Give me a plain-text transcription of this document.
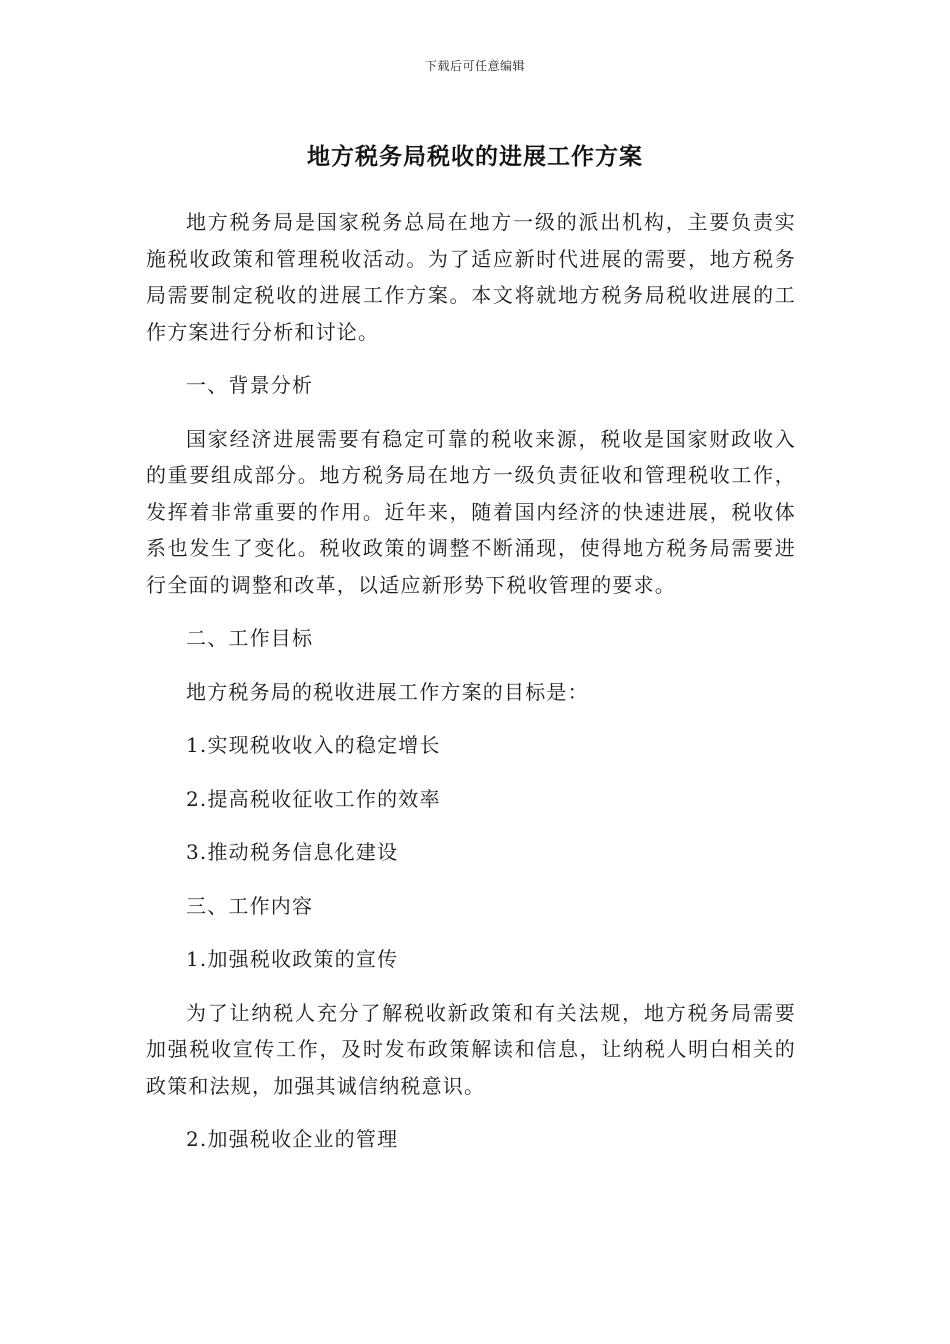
下载后可任意编辑
地方税务局税收的进展工作方案

地方税务局是国家税务总局在地方一级的派出机构，主要负责实施税收政策和管理税收活动。为了适应新时代进展的需要，地方税务局需要制定税收的进展工作方案。本文将就地方税务局税收进展的工作方案进行分析和讨论。

一、背景分析

国家经济进展需要有稳定可靠的税收来源，税收是国家财政收入的重要组成部分。地方税务局在地方一级负责征收和管理税收工作，发挥着非常重要的作用。近年来，随着国内经济的快速进展，税收体系也发生了变化。税收政策的调整不断涌现，使得地方税务局需要进行全面的调整和改革，以适应新形势下税收管理的要求。

二、工作目标

地方税务局的税收进展工作方案的目标是：

1.实现税收收入的稳定增长

2.提高税收征收工作的效率

3.推动税务信息化建设

三、工作内容

1.加强税收政策的宣传

为了让纳税人充分了解税收新政策和有关法规，地方税务局需要加强税收宣传工作，及时发布政策解读和信息，让纳税人明白相关的政策和法规，加强其诚信纳税意识。

2.加强税收企业的管理
